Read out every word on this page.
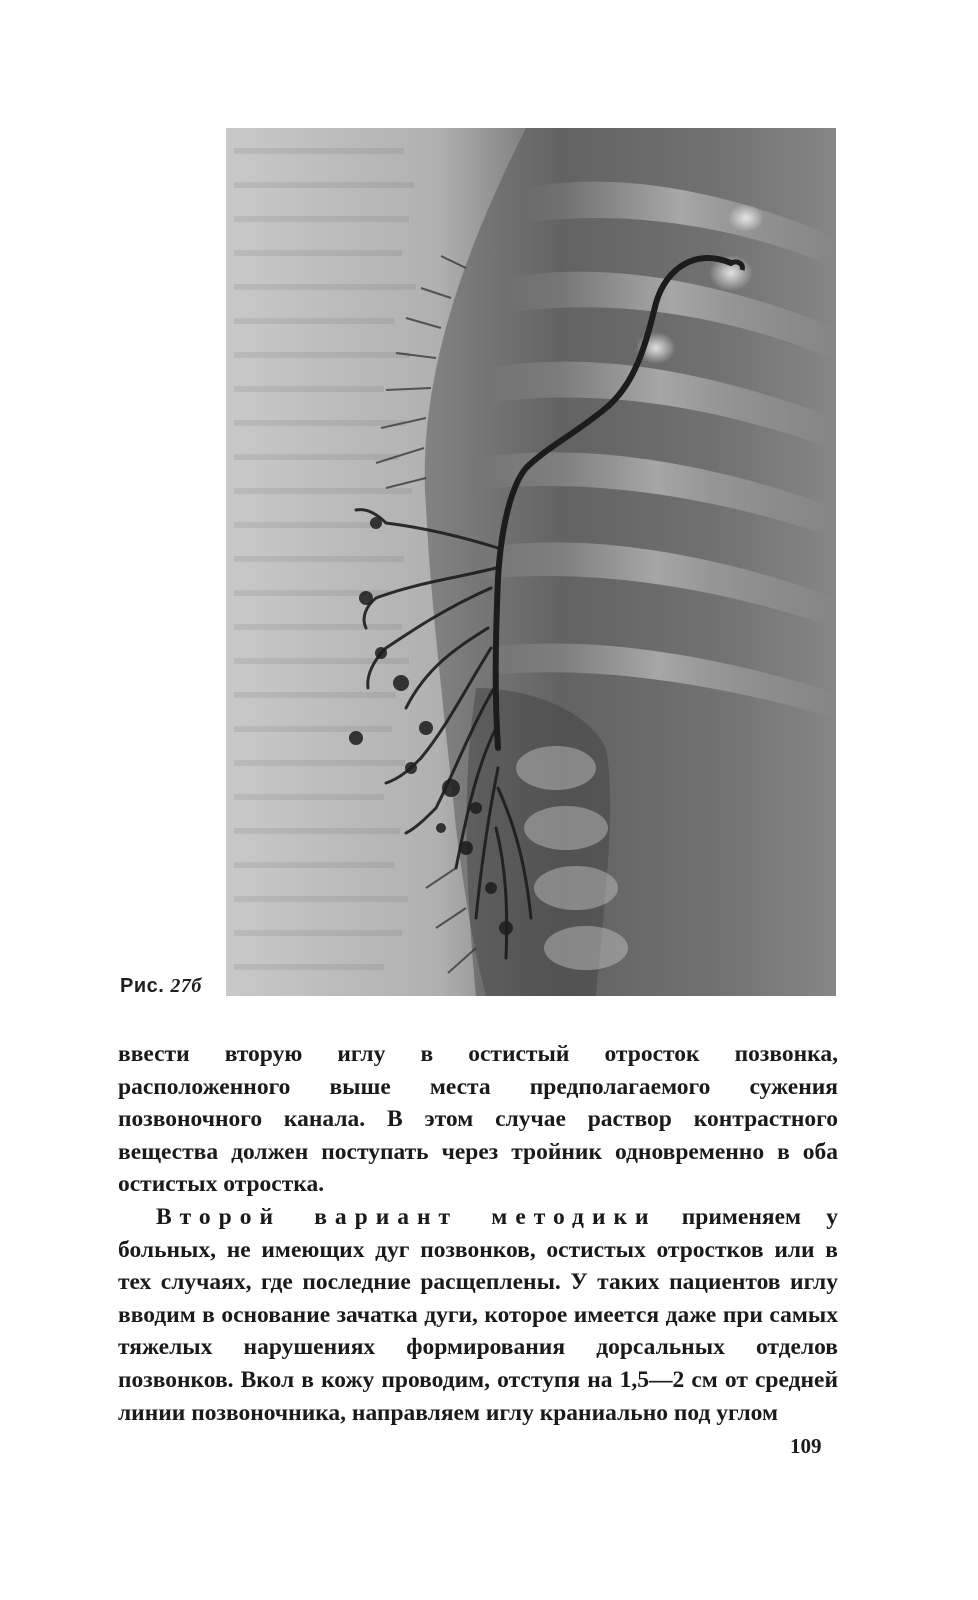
Рис. 27б

ввести вторую иглу в остистый отросток позвонка, расположенного выше места предполагаемого сужения позвоночного канала. В этом случае раствор контрастного вещества должен поступать через тройник одновременно в оба остистых отростка.

Второй вариант методики применяем у больных, не имеющих дуг позвонков, остистых отростков или в тех случаях, где последние расщеплены. У таких пациентов иглу вводим в основание зачатка дуги, которое имеется даже при самых тяжелых нарушениях формирования дорсальных отделов позвонков. Вкол в кожу проводим, отступя на 1,5—2 см от средней линии позвоночника, направляем иглу краниально под углом

109
